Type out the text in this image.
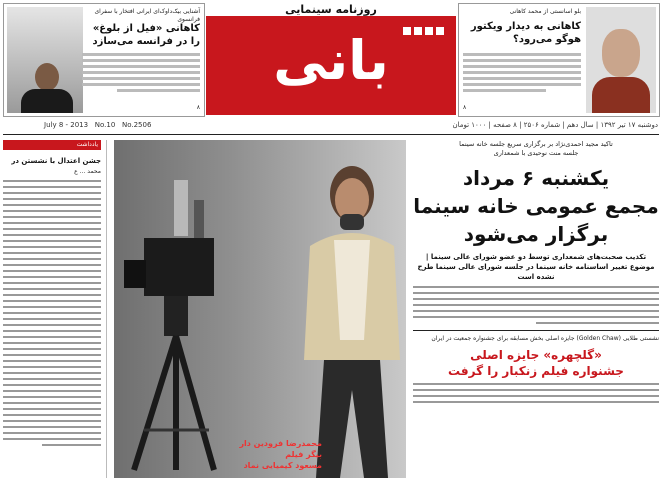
آشنایی بیک‌داوک‌ای ایرانی افتخار با سفرای فرانسوی
کاهانی «فیل از بلوغ» را در فرانسه می‌سازد
۸
روزنامه سینمایی
بانی
بلو اسانستی از محمد کاهانی
کاهانی به دیدار ویکتور هوگو می‌رود؟
۸
July 8 - 2013 No.10 No.2506	دوشنبه ۱۷ تیر ۱۳۹۲ | سال دهم | شماره ۲۵۰۶ | ۸ صفحه | ۱۰۰۰ تومان
یادداشت
جشن اعتدال با نشستن در
محمد ... ع
محمدرضا فرودین دار بیگر فیلم
مسعود کیمیایی نماد
تاکید مجید احمدی‌نژاد بر برگزاری سریع جلسه خانه سینما
جلسه منت نوحیدی با شمعداری
یکشنبه ۶ مرداد
مجمع عمومی خانه سینما
برگزار می‌شود
تکذیب صحبت‌های شمعداری توسط دو عضو شورای عالی سینما | موضوع تغییر اساسنامه خانه سینما در جلسه شورای عالی سینما طرح نشده است
نشستی طلایی (Golden Chaw) جایزه اصلی بخش مسابقه برای جشنواره جمعیت در ایران
«گلچهره» جایزه اصلی
جشنواره فیلم زنکبار را گرفت
